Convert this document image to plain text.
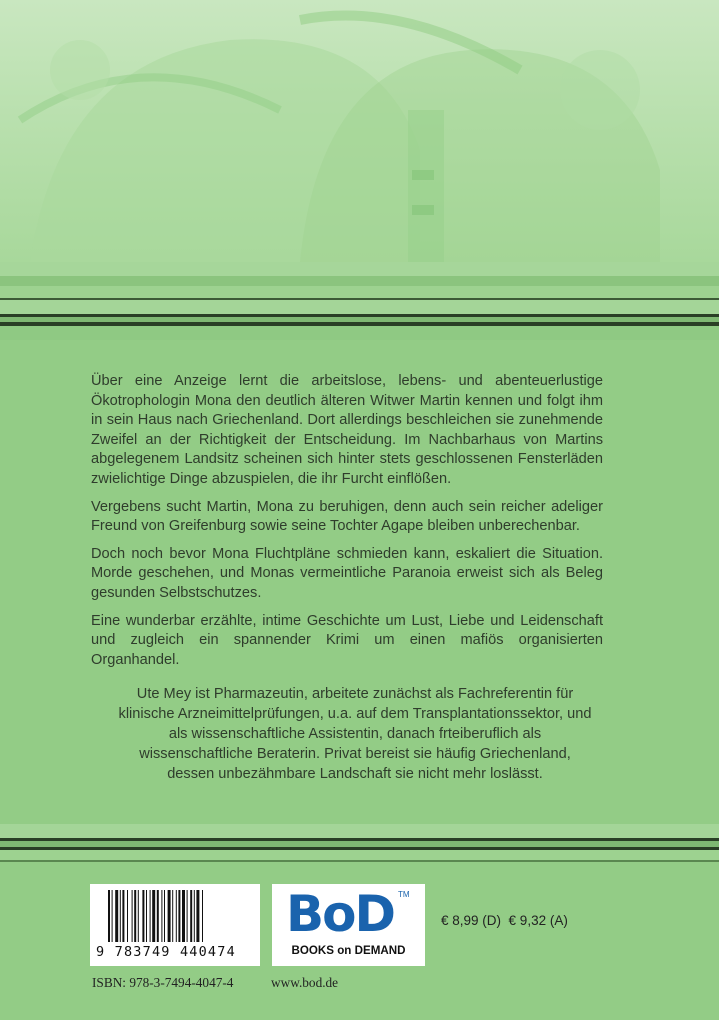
Über eine Anzeige lernt die arbeitslose, lebens- und abenteuerlustige Ökotrophologin Mona den deutlich älteren Witwer Martin kennen und folgt ihm in sein Haus nach Griechenland. Dort allerdings beschleichen sie zunehmende Zweifel an der Richtigkeit der Entscheidung. Im Nachbarhaus von Martins abgelegenem Landsitz scheinen sich hinter stets geschlossenen Fensterläden zwielichtige Dinge abzuspielen, die ihr Furcht einflößen.

Vergebens sucht Martin, Mona zu beruhigen, denn auch sein reicher adeliger Freund von Greifenburg sowie seine Tochter Agape bleiben unberechenbar.

Doch noch bevor Mona Fluchtpläne schmieden kann, eskaliert die Situation. Morde geschehen, und Monas vermeintliche Paranoia erweist sich als Beleg gesunden Selbstschutzes.

Eine wunderbar erzählte, intime Geschichte um Lust, Liebe und Leidenschaft und zugleich ein spannender Krimi um einen mafiös organisierten Organhandel.

Ute Mey ist Pharmazeutin, arbeitete zunächst als Fachreferentin für klinische Arzneimittelprüfungen, u.a. auf dem Transplantationssektor, und als wissenschaftliche Assistentin, danach frteiberuflich als wissenschaftliche Beraterin. Privat bereist sie häufig Griechenland, dessen unbezähmbare Landschaft sie nicht mehr loslässt.

9 783749 440474
BoD TM
BOOKS on DEMAND
€ 8,99 (D) € 9,32 (A)
ISBN: 978-3-7494-4047-4	www.bod.de
